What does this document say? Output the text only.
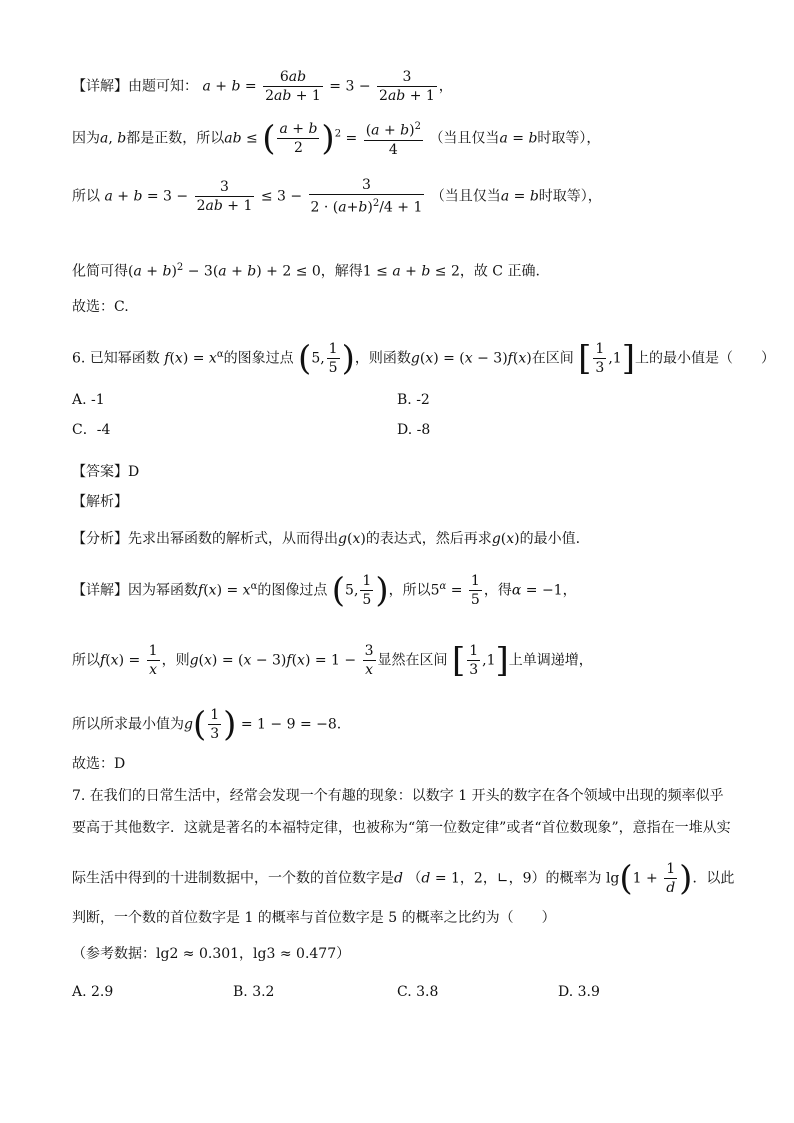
【详解】由题可知： $a + b = \frac{6ab}{2ab + 1} = 3 - \frac{3}{2ab + 1}$ ，
因为a, b都是正数，所以ab ≤ ( $\frac{a + b}{2} )^2 = \frac{(a + b)^2}{4}$ （当且仅当a = b时取等），
所以 $a + b = 3 - \frac{3}{2ab + 1} \le 3 - \frac{3}{2 \cdot (a+b)^2/4 + 1}$ （当且仅当a = b时取等），
化简可得$(a + b)^2 - 3(a + b) + 2 \le 0$，解得1 ≤ a + b ≤ 2，故 C 正确.
故选：C.
6. 已知幂函数 $f(x) = x^\alpha$的图象过点 (5, $\frac{1}{5}$ )，则函数g(x) = (x − 3)f(x)在区间 [ $\frac{1}{3} ,1$]上的最小值是（　　）
A. -1	B. -2
C．-4	D. -8
【答案】D
【解析】
【分析】先求出幂函数的解析式，从而得出g(x)的表达式，然后再求g(x)的最小值.
【详解】因为幂函数$f(x) = x^\alpha$的图像过点 (5, $\frac{1}{5}$ )，所以$5^\alpha = \frac{1}{5}$ ，得α = −1，
所以$f(x) = \frac{1}{x}$ ，则$g(x) = (x - 3)f(x) = 1 - \frac{3}{x}$ 显然在区间 [ $\frac{1}{3} ,1$]上单调递增，
所以所求最小值为$g( \frac{1}{3}$ ) = 1 − 9 = −8.
故选：D
7. 在我们的日常生活中，经常会发现一个有趣的现象：以数字 1 开头的数字在各个领域中出现的频率似乎
要高于其他数字．这就是著名的本福特定律，也被称为“第一位数定律”或者“首位数现象”，意指在一堆从实
际生活中得到的十进制数据中，一个数的首位数字是d （d = 1，2，∟，9）的概率为 $\lg(1 + \frac{1}{d}$ )．以此
判断，一个数的首位数字是 1 的概率与首位数字是 5 的概率之比约为（　　）
（参考数据：lg2 ≈ 0.301，lg3 ≈ 0.477）
A. 2.9	B. 3.2	C. 3.8	D. 3.9
